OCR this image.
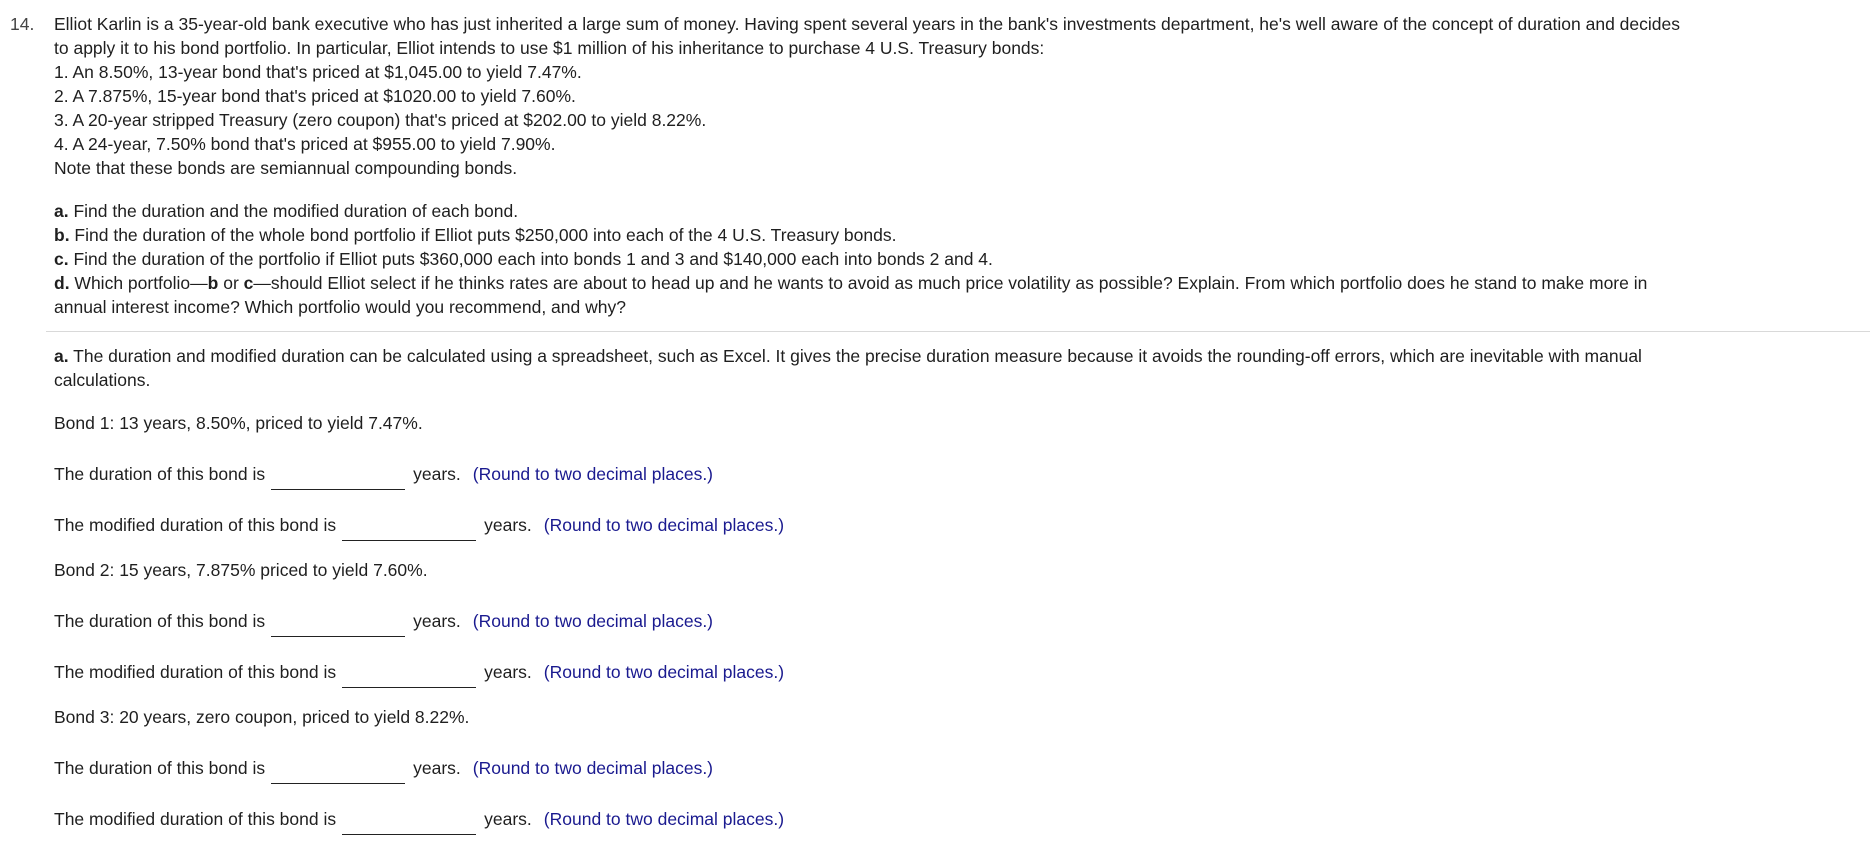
14. Elliot Karlin is a 35-year-old bank executive who has just inherited a large sum of money. Having spent several years in the bank's investments department, he's well aware of the concept of duration and decides
to apply it to his bond portfolio. In particular, Elliot intends to use $1 million of his inheritance to purchase 4 U.S. Treasury bonds:
1. An 8.50%, 13-year bond that's priced at $1,045.00 to yield 7.47%.
2. A 7.875%, 15-year bond that's priced at $1020.00 to yield 7.60%.
3. A 20-year stripped Treasury (zero coupon) that's priced at $202.00 to yield 8.22%.
4. A 24-year, 7.50% bond that's priced at $955.00 to yield 7.90%.
Note that these bonds are semiannual compounding bonds.
a. Find the duration and the modified duration of each bond.
b. Find the duration of the whole bond portfolio if Elliot puts $250,000 into each of the 4 U.S. Treasury bonds.
c. Find the duration of the portfolio if Elliot puts $360,000 each into bonds 1 and 3 and $140,000 each into bonds 2 and 4.
d. Which portfolio—b or c—should Elliot select if he thinks rates are about to head up and he wants to avoid as much price volatility as possible? Explain. From which portfolio does he stand to make more in
annual interest income? Which portfolio would you recommend, and why?
a. The duration and modified duration can be calculated using a spreadsheet, such as Excel. It gives the precise duration measure because it avoids the rounding-off errors, which are inevitable with manual
calculations.
Bond 1: 13 years, 8.50%, priced to yield 7.47%.
The duration of this bond is	years. (Round to two decimal places.)
The modified duration of this bond is	years. (Round to two decimal places.)
Bond 2: 15 years, 7.875% priced to yield 7.60%.
The duration of this bond is	years. (Round to two decimal places.)
The modified duration of this bond is	years. (Round to two decimal places.)
Bond 3: 20 years, zero coupon, priced to yield 8.22%.
The duration of this bond is	years. (Round to two decimal places.)
The modified duration of this bond is	years. (Round to two decimal places.)
